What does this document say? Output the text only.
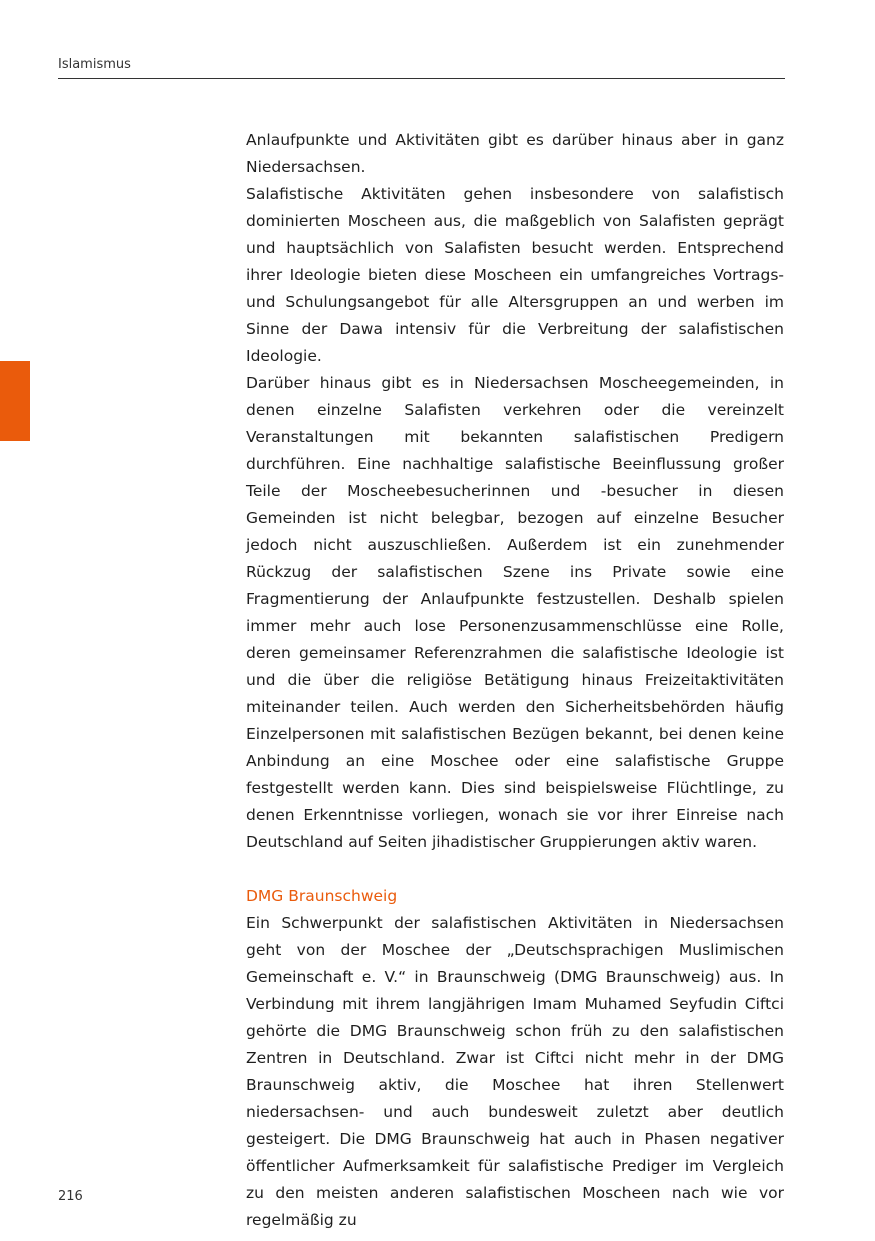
Islamismus

Anlaufpunkte und Aktivitäten gibt es darüber hinaus aber in ganz Niedersachsen.

Salafistische Aktivitäten gehen insbesondere von salafistisch dominierten Moscheen aus, die maßgeblich von Salafisten geprägt und hauptsächlich von Salafisten besucht werden. Entsprechend ihrer Ideologie bieten diese Moscheen ein umfangreiches Vortrags- und Schulungsangebot für alle Altersgruppen an und werben im Sinne der Dawa intensiv für die Verbreitung der salafistischen Ideologie.

Darüber hinaus gibt es in Niedersachsen Moscheegemeinden, in denen einzelne Salafisten verkehren oder die vereinzelt Veranstaltungen mit bekannten salafistischen Predigern durchführen. Eine nachhaltige salafistische Beeinflussung großer Teile der Moscheebesucherinnen und -besucher in diesen Gemeinden ist nicht belegbar, bezogen auf einzelne Besucher jedoch nicht auszuschließen. Außerdem ist ein zunehmender Rückzug der salafistischen Szene ins Private sowie eine Fragmentierung der Anlaufpunkte festzustellen. Deshalb spielen immer mehr auch lose Personenzusammenschlüsse eine Rolle, deren gemeinsamer Referenzrahmen die salafistische Ideologie ist und die über die religiöse Betätigung hinaus Freizeitaktivitäten miteinander teilen. Auch werden den Sicherheitsbehörden häufig Einzelpersonen mit salafistischen Bezügen bekannt, bei denen keine Anbindung an eine Moschee oder eine salafistische Gruppe festgestellt werden kann. Dies sind beispielsweise Flüchtlinge, zu denen Erkenntnisse vorliegen, wonach sie vor ihrer Einreise nach Deutschland auf Seiten jihadistischer Gruppierungen aktiv waren.

DMG Braunschweig

Ein Schwerpunkt der salafistischen Aktivitäten in Niedersachsen geht von der Moschee der „Deutschsprachigen Muslimischen Gemeinschaft e. V.“ in Braunschweig (DMG Braunschweig) aus. In Verbindung mit ihrem langjährigen Imam Muhamed Seyfudin Ciftci gehörte die DMG Braunschweig schon früh zu den salafistischen Zentren in Deutschland. Zwar ist Ciftci nicht mehr in der DMG Braunschweig aktiv, die Moschee hat ihren Stellenwert niedersachsen- und auch bundesweit zuletzt aber deutlich gesteigert. Die DMG Braunschweig hat auch in Phasen negativer öffentlicher Aufmerksamkeit für salafistische Prediger im Vergleich zu den meisten anderen salafistischen Moscheen nach wie vor regelmäßig zu

216
